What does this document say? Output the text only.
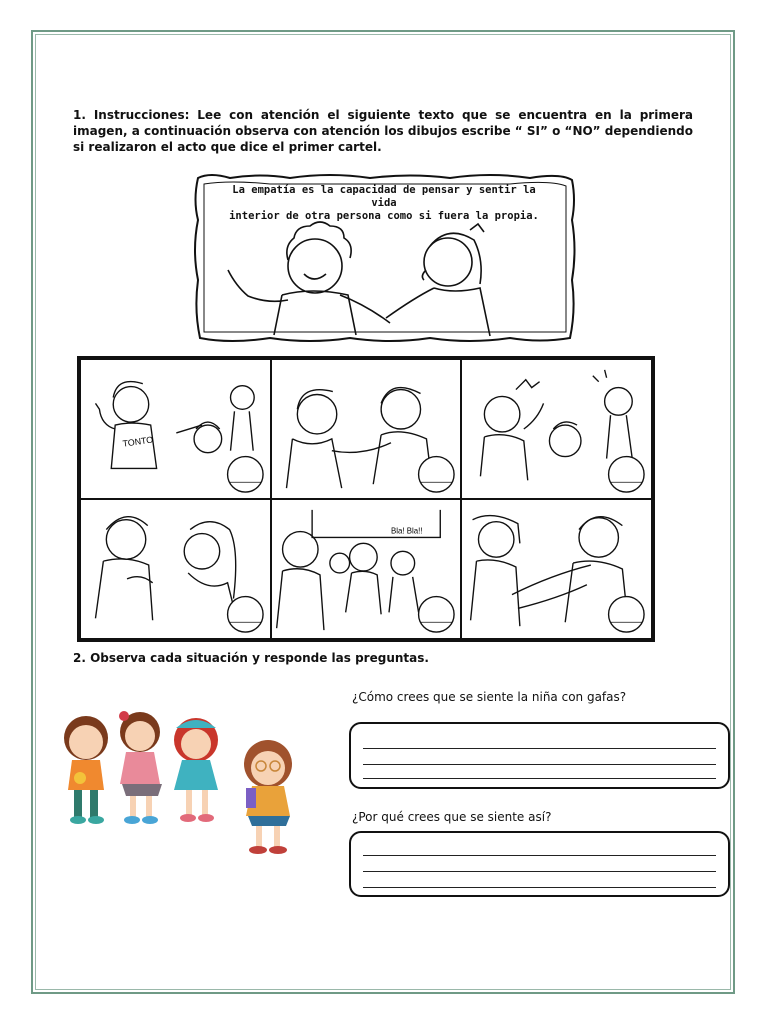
1. Instrucciones: Lee con atención el siguiente texto que se encuentra en la primera imagen, a continuación observa con atención los dibujos escribe “ SI” o “NO” dependiendo si realizaron el acto que dice el primer cartel.

La empatía es la capacidad de pensar y sentir la vida
interior de otra persona como si fuera la propia.
TONTO
Bla! Bla!!
2. Observa cada situación y responde las preguntas.
¿Cómo crees que se siente la niña con gafas?
¿Por qué crees que se siente así?
